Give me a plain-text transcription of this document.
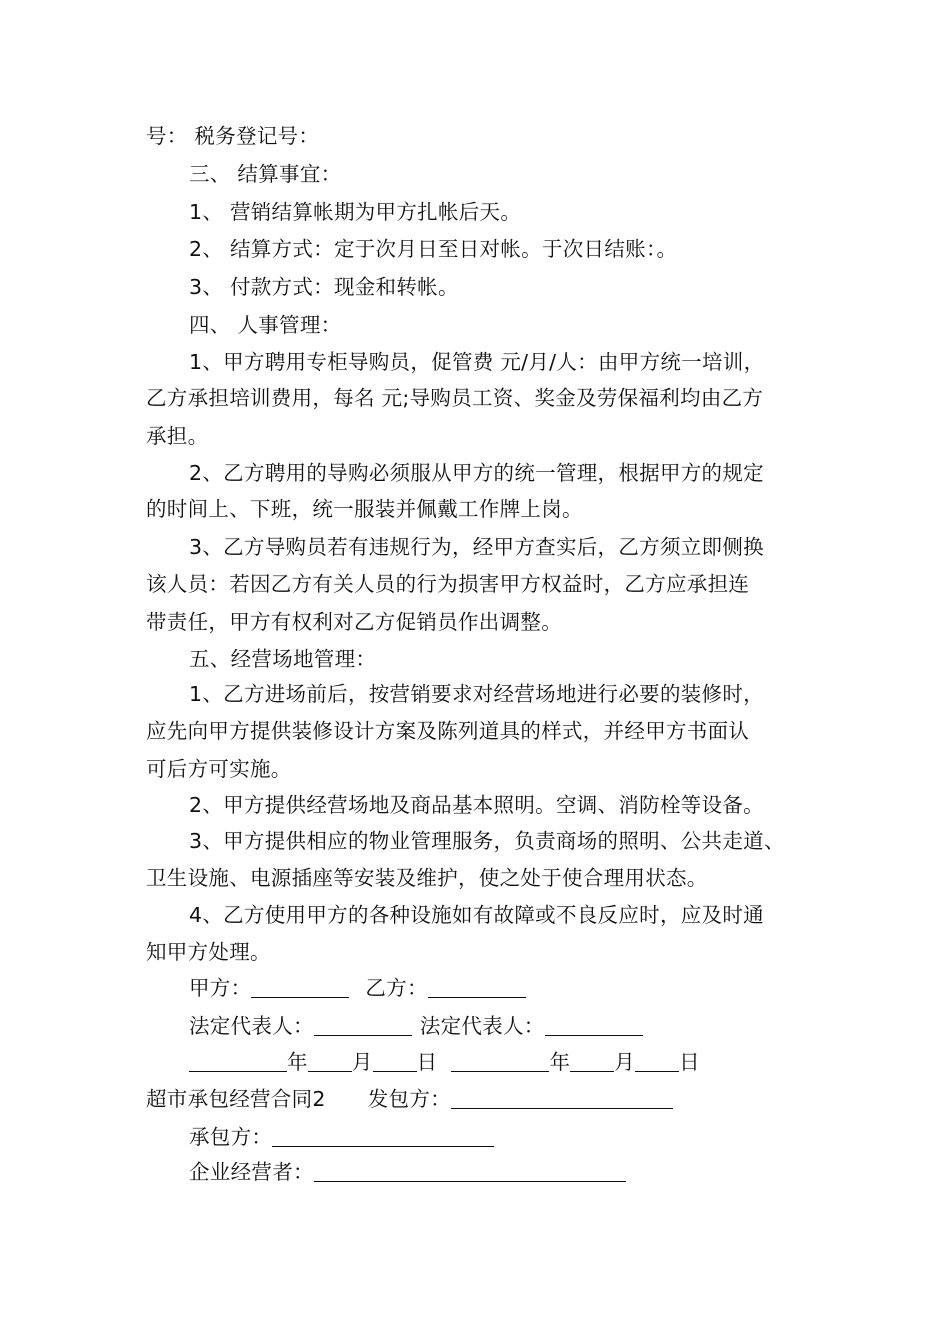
号： 税务登记号：
三、 结算事宜：
1、 营销结算帐期为甲方扎帐后天。
2、 结算方式：定于次月日至日对帐。于次日结账：。
3、 付款方式：现金和转帐。
四、 人事管理：
1、甲方聘用专柜导购员，促管费 元/月/人：由甲方统一培训，
乙方承担培训费用，每名 元;导购员工资、奖金及劳保福利均由乙方
承担。
2、乙方聘用的导购必须服从甲方的统一管理，根据甲方的规定
的时间上、下班，统一服装并佩戴工作牌上岗。
3、乙方导购员若有违规行为，经甲方查实后，乙方须立即侧换
该人员：若因乙方有关人员的行为损害甲方权益时，乙方应承担连
带责任，甲方有权利对乙方促销员作出调整。
五、经营场地管理：
1、乙方进场前后，按营销要求对经营场地进行必要的装修时，
应先向甲方提供装修设计方案及陈列道具的样式，并经甲方书面认
可后方可实施。
2、甲方提供经营场地及商品基本照明。空调、消防栓等设备。
3、甲方提供相应的物业管理服务，负责商场的照明、公共走道、
卫生设施、电源插座等安装及维护，使之处于使合理用状态。
4、乙方使用甲方的各种设施如有故障或不良反应时，应及时通
知甲方处理。
甲方：	乙方：
法定代表人：	法定代表人：
年 月 日	年 月 日
超市承包经营合同2 发包方：
承包方：
企业经营者：
